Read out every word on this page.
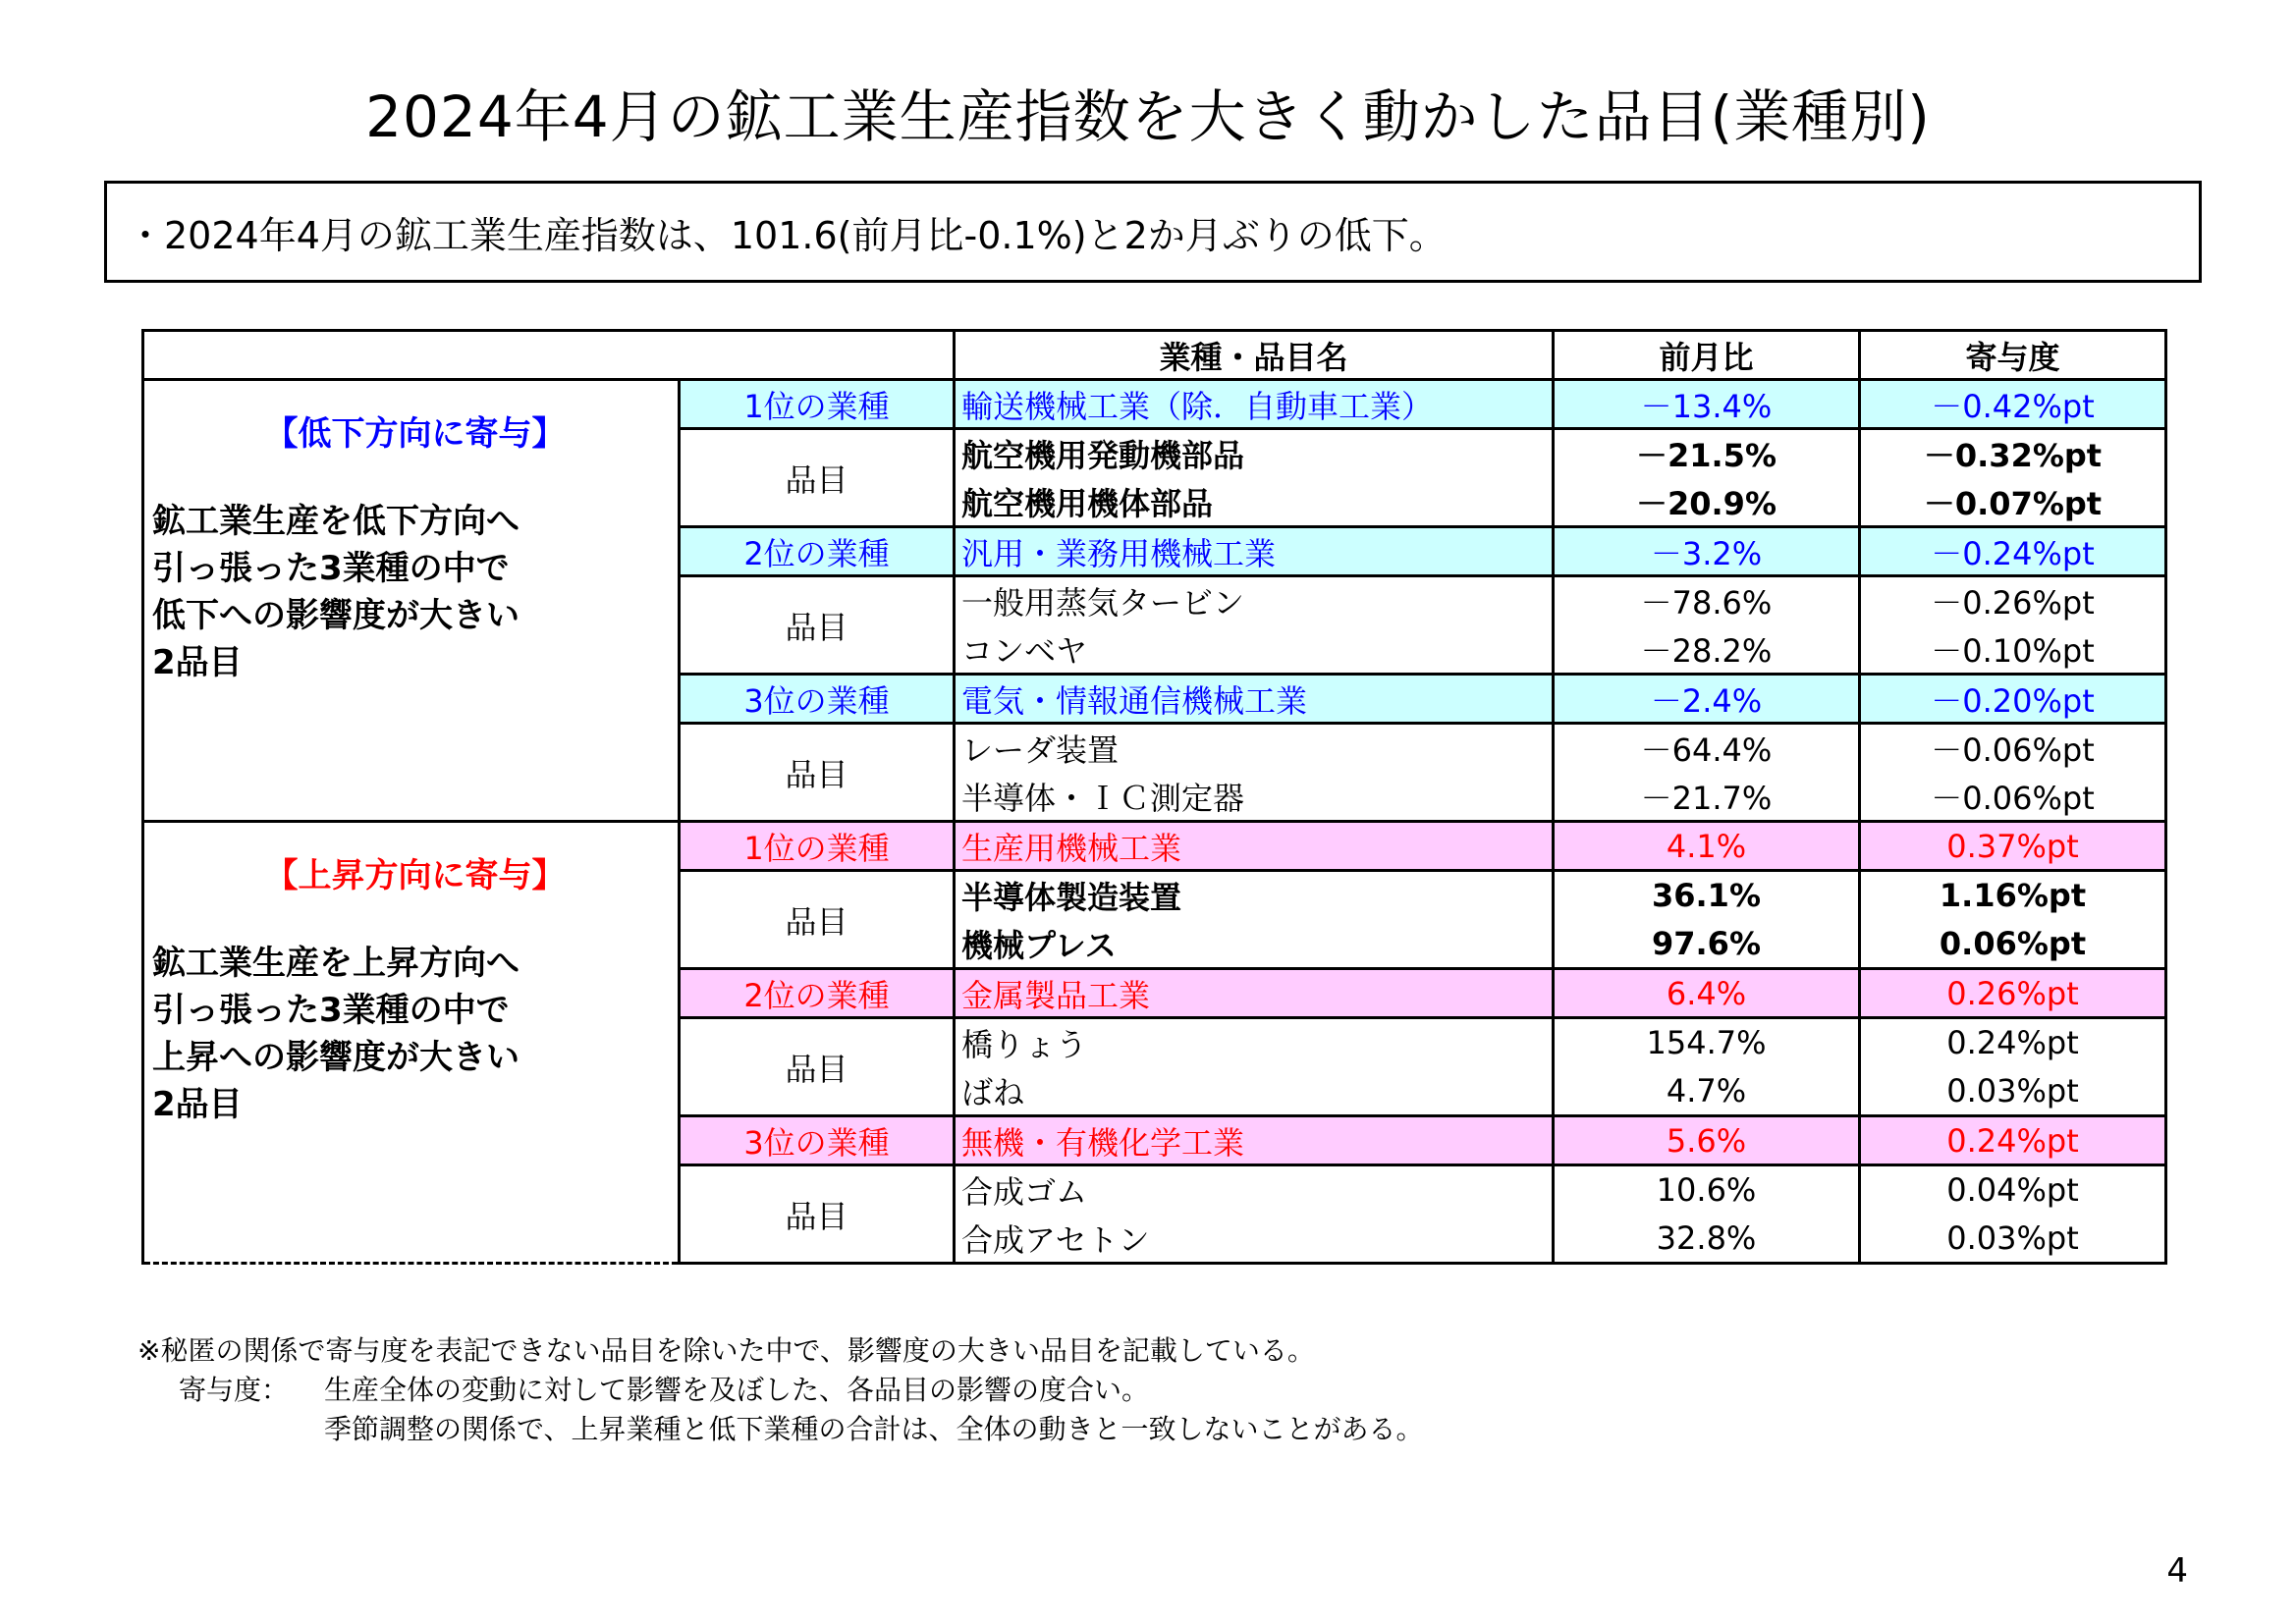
2024年4月の鉱工業生産指数を大きく動かした品目(業種別)
・2024年4月の鉱工業生産指数は、101.6(前月比-0.1%)と2か月ぶりの低下。
		業種・品目名	前月比	寄与度

【低下方向に寄与】
鉱工業生産を低下方向へ
引っ張った3業種の中で
低下への影響度が大きい
2品目	1位の業種	輸送機械工業（除．自動車工業）	－13.4%	－0.42%pt
	品目	航空機用発動機部品	－21.5%	－0.32%pt
		航空機用機体部品	－20.9%	－0.07%pt
	2位の業種	汎用・業務用機械工業	－3.2%	－0.24%pt
	品目	一般用蒸気タービン	－78.6%	－0.26%pt
		コンベヤ	－28.2%	－0.10%pt
	3位の業種	電気・情報通信機械工業	－2.4%	－0.20%pt
	品目	レーダ装置	－64.4%	－0.06%pt
		半導体・ＩＣ測定器	－21.7%	－0.06%pt

【上昇方向に寄与】
鉱工業生産を上昇方向へ
引っ張った3業種の中で
上昇への影響度が大きい
2品目	1位の業種	生産用機械工業	4.1%	0.37%pt
	品目	半導体製造装置	36.1%	1.16%pt
		機械プレス	97.6%	0.06%pt
	2位の業種	金属製品工業	6.4%	0.26%pt
	品目	橋りょう	154.7%	0.24%pt
		ばね	4.7%	0.03%pt
	3位の業種	無機・有機化学工業	5.6%	0.24%pt
	品目	合成ゴム	10.6%	0.04%pt
		合成アセトン	32.8%	0.03%pt
※秘匿の関係で寄与度を表記できない品目を除いた中で、影響度の大きい品目を記載している。
寄与度： 生産全体の変動に対して影響を及ぼした、各品目の影響の度合い。
季節調整の関係で、上昇業種と低下業種の合計は、全体の動きと一致しないことがある。
4
